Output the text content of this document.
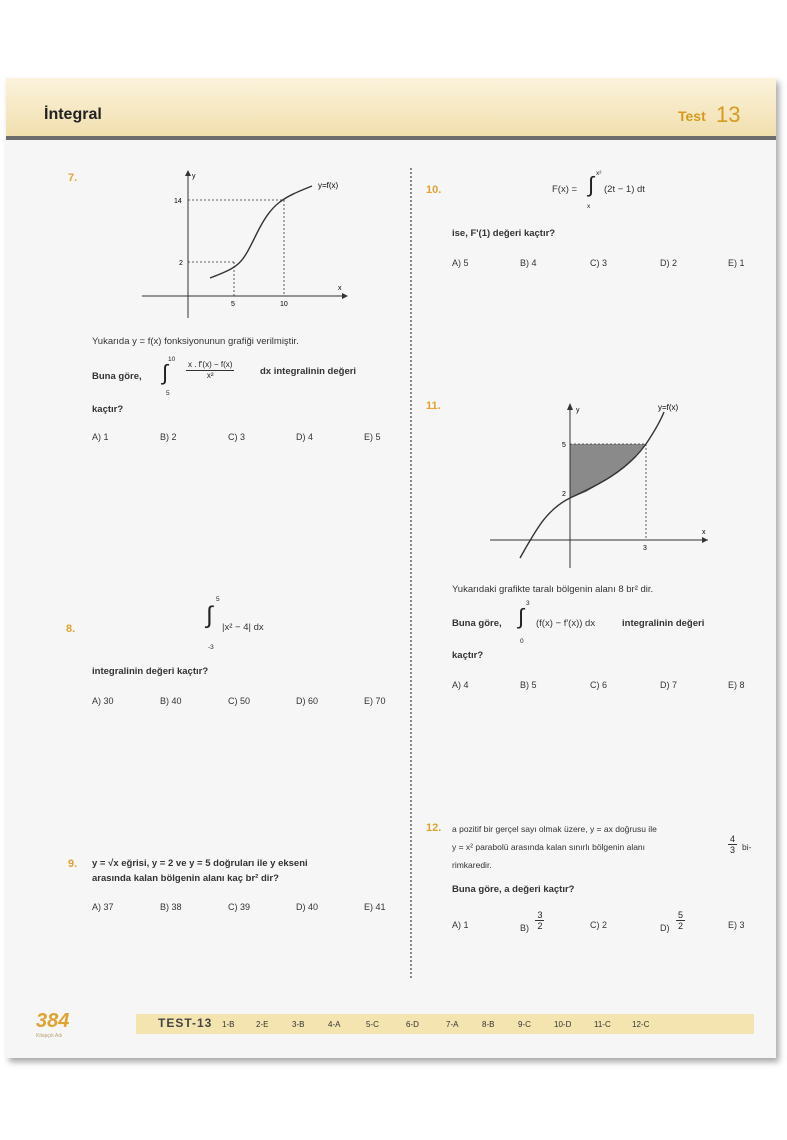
İntegral	Test 13
7.
y=f(x)
y
x
14
2
5	10
Yukarıda y = f(x) fonksiyonunun grafiği verilmiştir.
$_{Buna göre,}$
10
∫
5
$\frac{x . f'(x) - f(x)}{\text{x²}}$	dx integralinin değeri
kaçtır?
A) 1	B) 2	C) 3	D) 4	E) 5
8.
5
∫
-3
|x² − 4| dx
integralinin değeri kaçtır?
A) 30	B) 40	C) 50	D) 60	E) 70
9. y = √x eğrisi, y = 2 ve y = 5 doğruları ile y ekseni
arasında kalan bölgenin alanı kaç br² dir?
A) 37	B) 38	C) 39	D) 40	E) 41
10.	F(x) =
x²
∫
x
(2t − 1) dt
ise, F'(1) değeri kaçtır?
A) 5	B) 4	C) 3	D) 2	E) 1
11.	y=f(x)
y
x
5
2
3
Yukarıdaki grafikte taralı bölgenin alanı 8 br² dir.
Buna göre,
3
∫
0
(f(x) − f'(x)) dx	integralinin değeri
kaçtır?
A) 4	B) 5	C) 6	D) 7	E) 8
12. a pozitif bir gerçel sayı olmak üzere, y = ax doğrusu ile
y = x² parabolü arasında kalan sınırlı bölgenin alanı	$\frac{4}{3} bi-$
rimkaredir.
Buna göre, a değeri kaçtır?
A) 1	$_{B)} \frac{3}{2}$	C) 2	$_{D)} \frac{5}{2}$	E) 3
384
Kitapçık Adı
TEST-13 1-B	2-E	3-B	4-A	5-C	6-D	7-A	8-B	9-C	10-D	11-C	12-C
